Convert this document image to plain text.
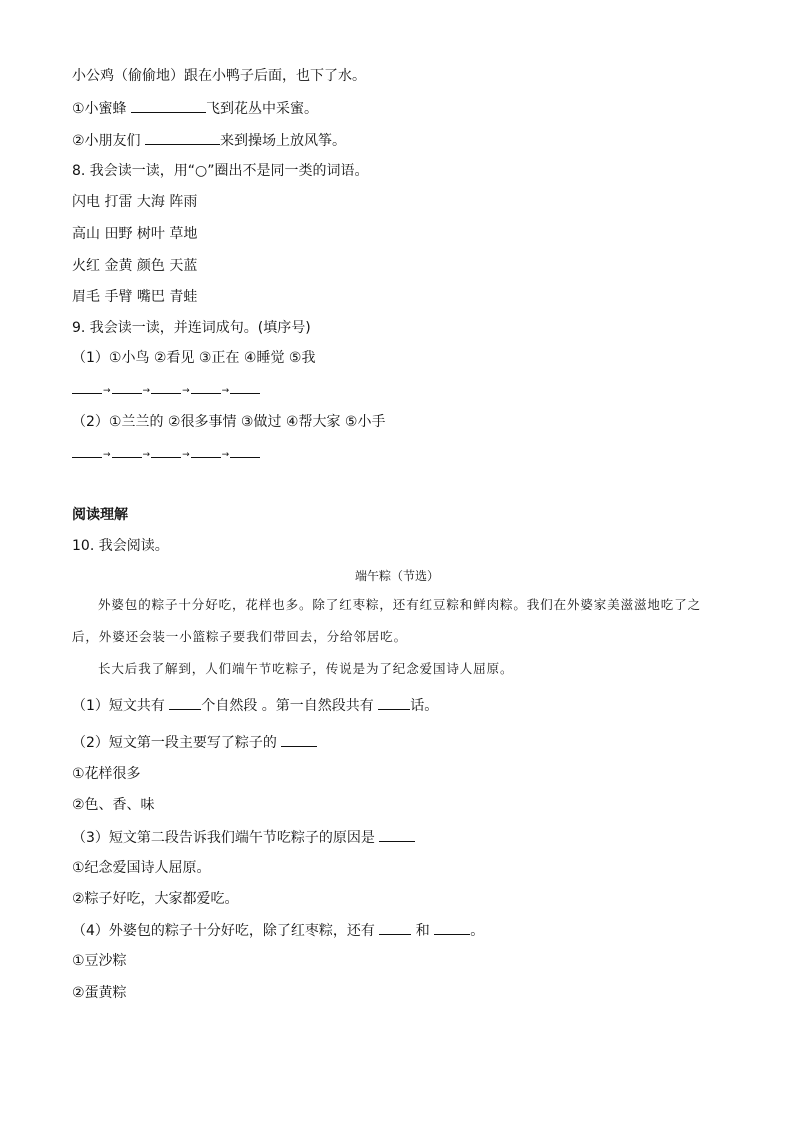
小公鸡（偷偷地）跟在小鸭子后面，也下了水。
①小蜜蜂	飞到花丛中采蜜。
②小朋友们	来到操场上放风筝。
8. 我会读一读，用“○”圈出不是同一类的词语。
闪电 打雷 大海 阵雨
高山 田野 树叶 草地
火红 金黄 颜色 天蓝
眉毛 手臂 嘴巴 青蛙
9. 我会读一读，并连词成句。(填序号)
（1）①小鸟 ②看见 ③正在 ④睡觉 ⑤我
→	→	→	→
（2）①兰兰的 ②很多事情 ③做过 ④帮大家 ⑤小手
→	→	→	→
阅读理解
10. 我会阅读。
端午粽（节选）

外婆包的粽子十分好吃，花样也多。除了红枣粽，还有红豆粽和鲜肉粽。我们在外婆家美滋滋地吃了之后，外婆还会装一小篮粽子要我们带回去，分给邻居吃。

长大后我了解到，人们端午节吃粽子，传说是为了纪念爱国诗人屈原。

（1）短文共有 个自然段 。第一自然段共有 话。
（2）短文第一段主要写了粽子的
①花样很多
②色、香、味
（3）短文第二段告诉我们端午节吃粽子的原因是
①纪念爱国诗人屈原。
②粽子好吃，大家都爱吃。
（4）外婆包的粽子十分好吃，除了红枣粽，还有  和	。
①豆沙粽
②蛋黄粽
